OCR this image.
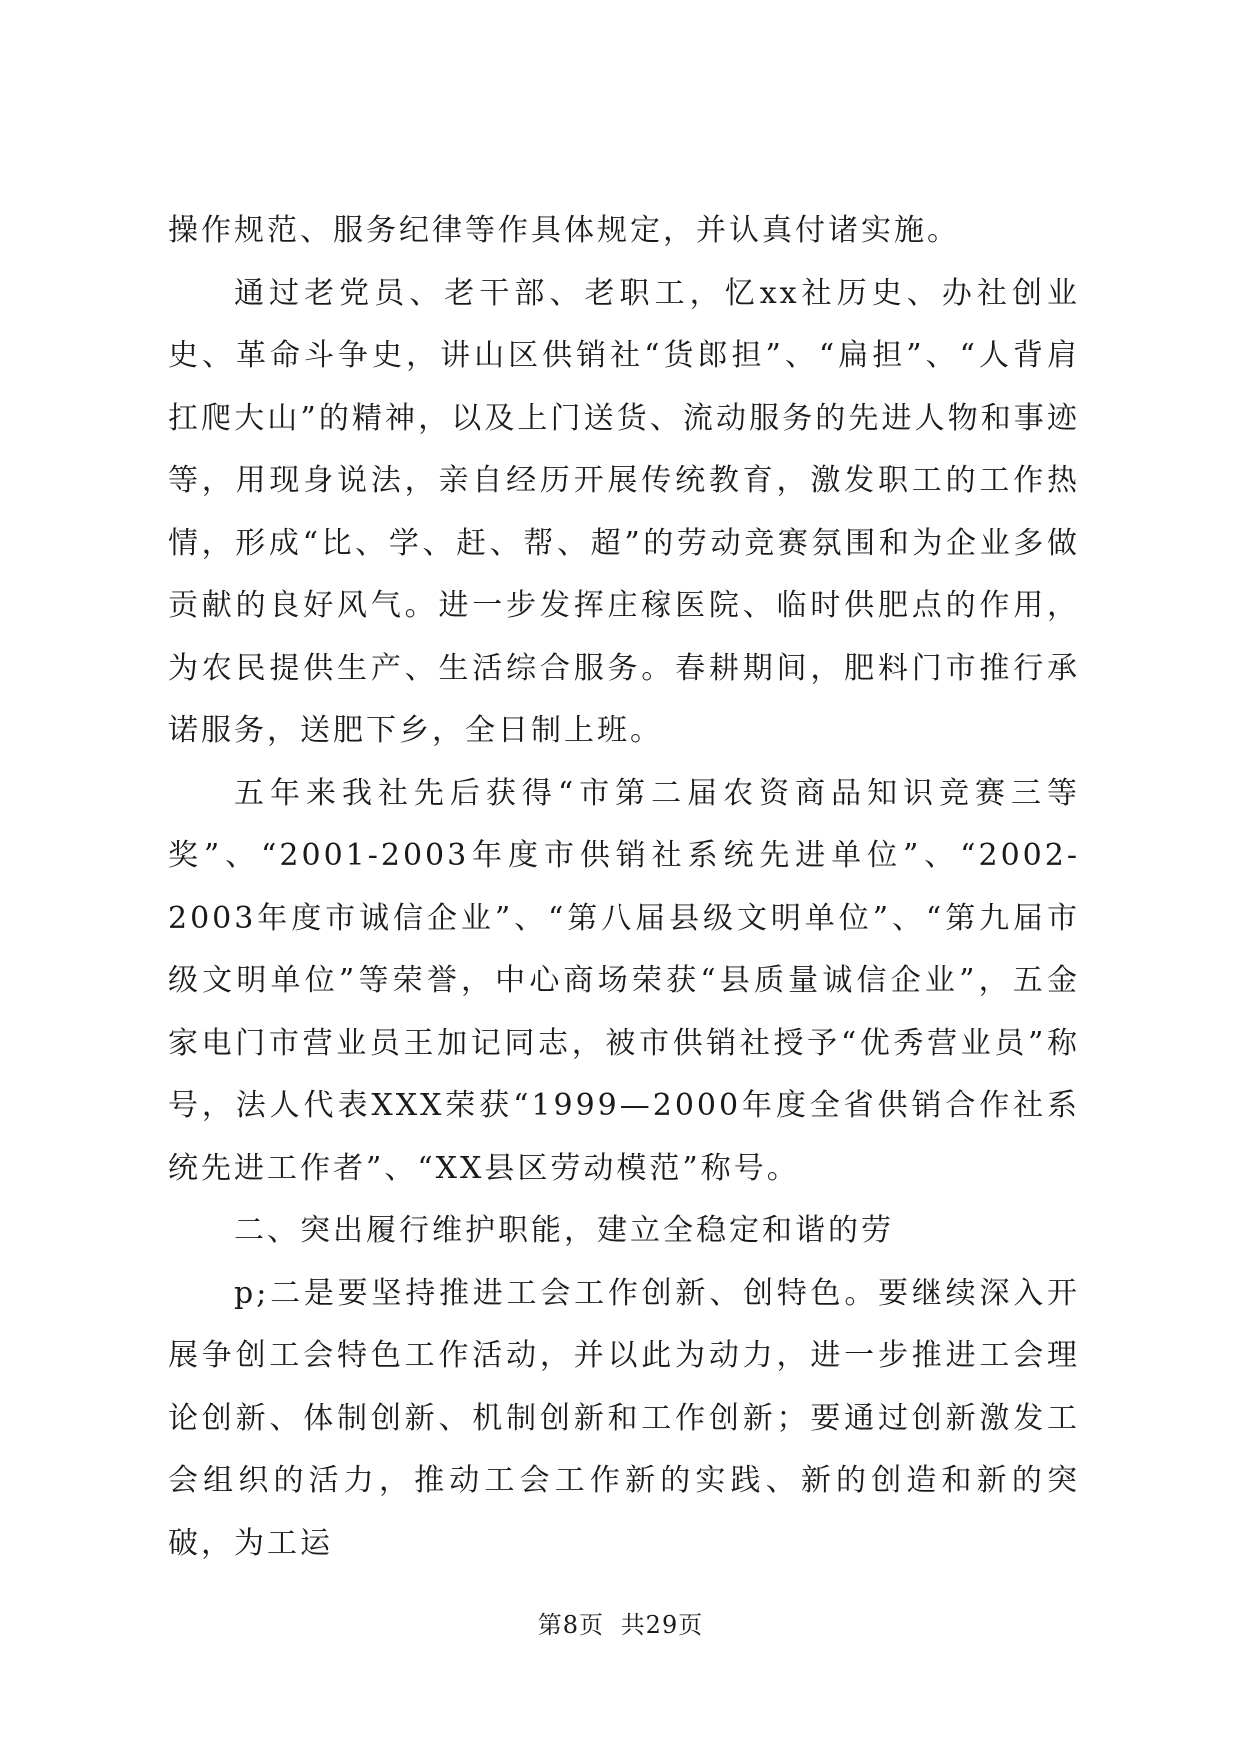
操作规范、服务纪律等作具体规定，并认真付诸实施。

通过老党员、老干部、老职工，忆xx社历史、办社创业史、革命斗争史，讲山区供销社“货郎担”、“扁担”、“人背肩扛爬大山”的精神，以及上门送货、流动服务的先进人物和事迹等，用现身说法，亲自经历开展传统教育，激发职工的工作热情，形成“比、学、赶、帮、超”的劳动竞赛氛围和为企业多做贡献的良好风气。进一步发挥庄稼医院、临时供肥点的作用，为农民提供生产、生活综合服务。春耕期间，肥料门市推行承诺服务，送肥下乡，全日制上班。

五年来我社先后获得“市第二届农资商品知识竞赛三等奖”、“2001-2003年度市供销社系统先进单位”、“2002-2003年度市诚信企业”、“第八届县级文明单位”、“第九届市级文明单位”等荣誉，中心商场荣获“县质量诚信企业”，五金家电门市营业员王加记同志，被市供销社授予“优秀营业员”称号，法人代表XXX荣获“1999—2000年度全省供销合作社系统先进工作者”、“XX县区劳动模范”称号。

二、突出履行维护职能，建立全稳定和谐的劳

p;二是要坚持推进工会工作创新、创特色。要继续深入开展争创工会特色工作活动，并以此为动力，进一步推进工会理论创新、体制创新、机制创新和工作创新；要通过创新激发工会组织的活力，推动工会工作新的实践、新的创造和新的突破，为工运

第8页 共29页
